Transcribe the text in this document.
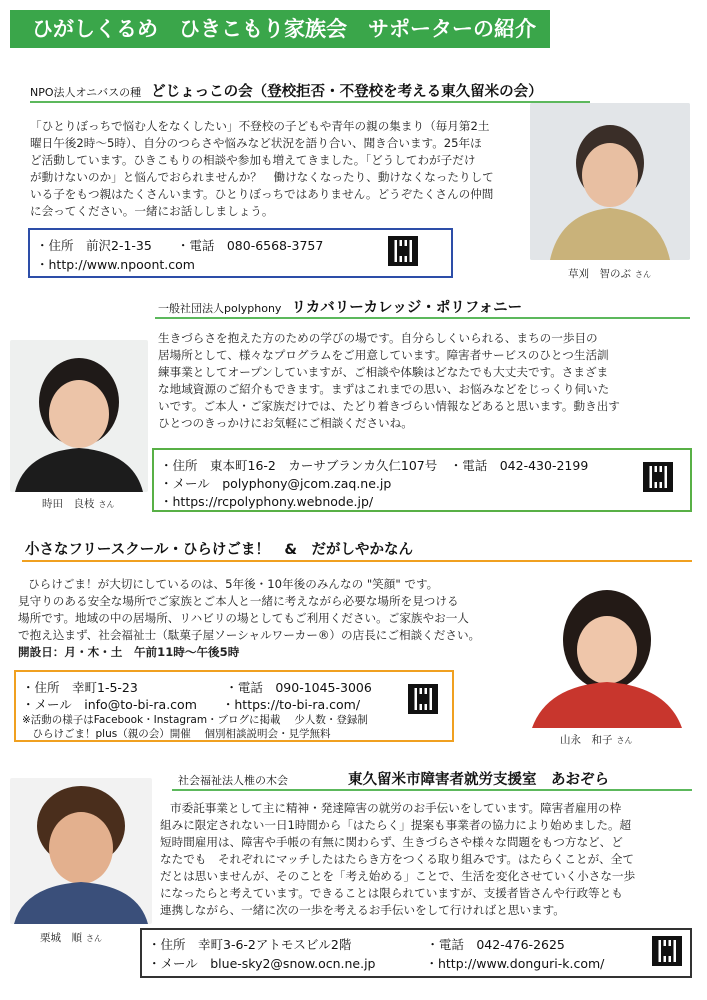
ひがしくるめ　ひきこもり家族会　サポーターの紹介
NPO法人オニバスの種 どじょっこの会（登校拒否・不登校を考える東久留米の会）
「ひとりぼっちで悩む人をなくしたい」不登校の子どもや青年の親の集まり（毎月第2土
曜日午後2時～5時）、自分のつらさや悩みなど状況を語り合い、聞き合います。25年ほ
ど活動しています。ひきこもりの相談や参加も増えてきました。「どうしてわが子だけ
が動けないのか」と悩んでおられませんか？　働けなくなったり、動けなくなったりして
いる子をもつ親はたくさんいます。ひとりぼっちではありません。どうぞたくさんの仲間
に会ってください。一緒にお話ししましょう。
・住所　前沢2-1-35　　・電話　080-6568-3757
・http://www.npoont.com
草刈　智のぶ さん
一般社団法人polyphony リカバリーカレッジ・ポリフォニー
生きづらさを抱えた方のための学びの場です。自分らしくいられる、まちの一歩目の
居場所として、様々なプログラムをご用意しています。障害者サービスのひとつ生活訓
練事業としてオープンしていますが、ご相談や体験はどなたでも大丈夫です。さまざま
な地域資源のご紹介もできます。まずはこれまでの思い、お悩みなどをじっくり伺いた
いです。ご本人・ご家族だけでは、たどり着きづらい情報などあると思います。動き出す
ひとつのきっかけにお気軽にご相談くださいね。
時田　良枝 さん
・住所　東本町16-2　カーサブランカ久仁107号　・電話　042-430-2199
・メール　polyphony@jcom.zaq.ne.jp
・https://rcpolyphony.webnode.jp/
小さなフリースクール・ひらけごま！　&　だがしやかなん
ひらけごま！が大切にしているのは、5年後・10年後のみんなの "笑顔" です。
見守りのある安全な場所でご家族とご本人と一緒に考えながら必要な場所を見つける
場所です。地域の中の居場所、リハビリの場としてもご利用ください。ご家族やお一人
で抱え込まず、社会福祉士（駄菓子屋ソーシャルワーカー®）の店長にご相談ください。
開設日：月・木・土　午前11時～午後5時
・住所　幸町1-5-23　　　　　　　・電話　090-1045-3006
・メール　info@to-bi-ra.com　　・https://to-bi-ra.com/
※活動の様子はFacebook・Instagram・ブログに掲載　 少人数・登録制
　ひらけごま！plus（親の会）開催　 個別相談説明会・見学無料	山永　和子 さん
社会福祉法人椎の木会	東久留米市障害者就労支援室　あおぞら
栗城　順 さん
市委託事業として主に精神・発達障害の就労のお手伝いをしています。障害者雇用の枠
組みに限定されない一日1時間から「はたらく」提案も事業者の協力により始めました。超
短時間雇用は、障害や手帳の有無に関わらず、生きづらさや様々な問題をもつ方など、ど
なたでも　それぞれにマッチしたはたらき方をつくる取り組みです。はたらくことが、全て
だとは思いませんが、そのことを「考え始める」ことで、生活を変化させていく小さな一歩
になったらと考えています。できることは限られていますが、支援者皆さんや行政等とも
連携しながら、一緒に次の一歩を考えるお手伝いをして行ければと思います。
・住所　幸町3-6-2アトモスビル2階　　　　　　・電話　042-476-2625
・メール　blue-sky2@snow.ocn.ne.jp　　　　・http://www.donguri-k.com/
